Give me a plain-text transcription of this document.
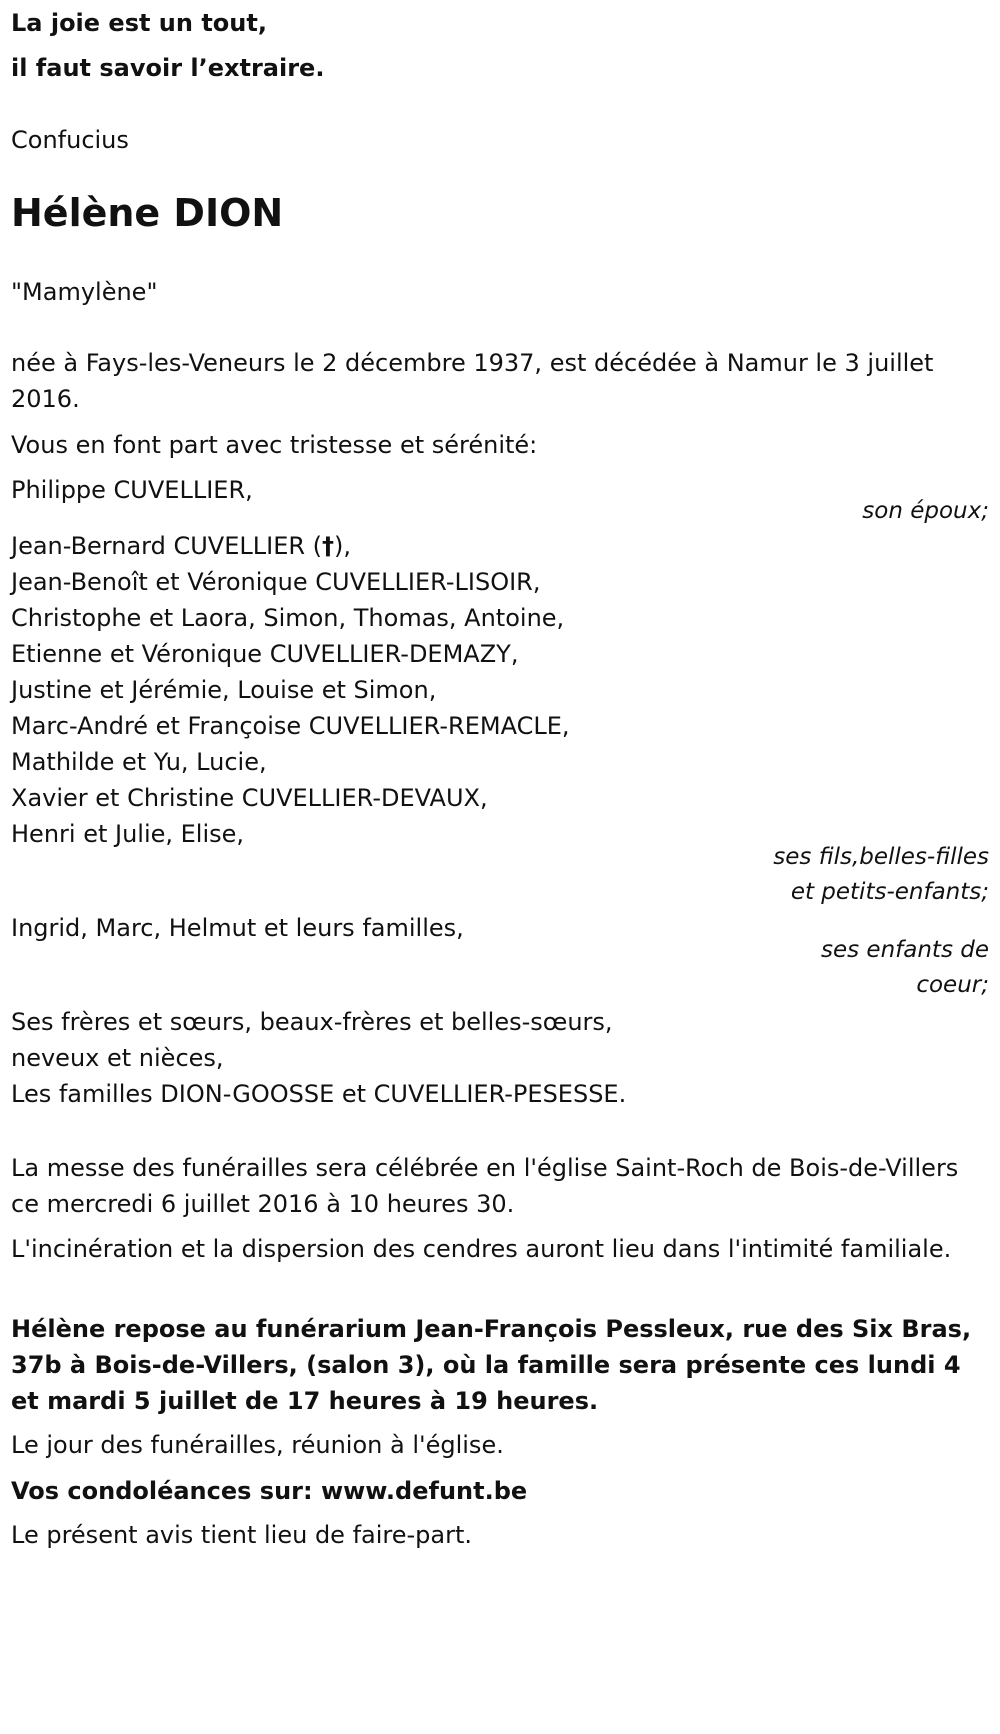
La joie est un tout,
il faut savoir l’extraire.
Confucius
Hélène DION
"Mamylène"
née à Fays-les-Veneurs le 2 décembre 1937, est décédée à Namur le 3 juillet 2016.
Vous en font part avec tristesse et sérénité:
Philippe CUVELLIER,
son époux;
Jean-Bernard CUVELLIER (†),
Jean-Benoît et Véronique CUVELLIER-LISOIR,
Christophe et Laora, Simon, Thomas, Antoine,
Etienne et Véronique CUVELLIER-DEMAZY,
Justine et Jérémie, Louise et Simon,
Marc-André et Françoise CUVELLIER-REMACLE,
Mathilde et Yu, Lucie,
Xavier et Christine CUVELLIER-DEVAUX,
Henri et Julie, Elise,
ses fils,belles-filles
et petits-enfants;
Ingrid, Marc, Helmut et leurs familles,
ses enfants de
coeur;
Ses frères et sœurs, beaux-frères et belles-sœurs,
neveux et nièces,
Les familles DION-GOOSSE et CUVELLIER-PESESSE.
La messe des funérailles sera célébrée en l'église Saint-Roch de Bois-de-Villers ce mercredi 6 juillet 2016 à 10 heures 30.
L'incinération et la dispersion des cendres auront lieu dans l'intimité familiale.
Hélène repose au funérarium Jean-François Pessleux, rue des Six Bras, 37b à Bois-de-Villers, (salon 3), où la famille sera présente ces lundi 4 et mardi 5 juillet de 17 heures à 19 heures.
Le jour des funérailles, réunion à l'église.
Vos condoléances sur: www.defunt.be
Le présent avis tient lieu de faire-part.
